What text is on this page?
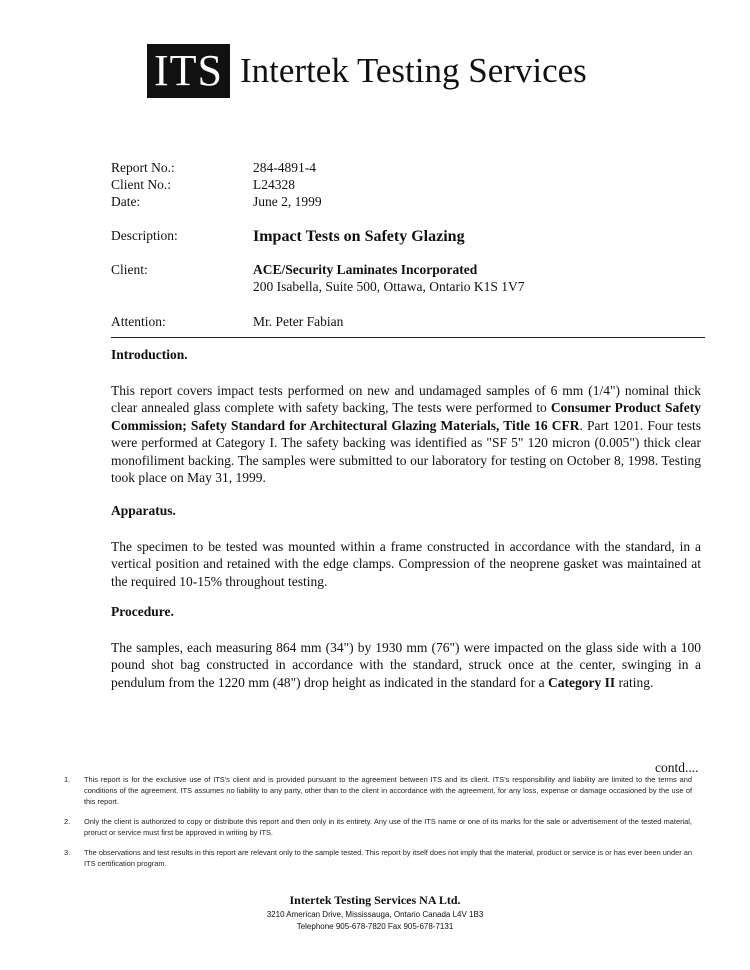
ITS Intertek Testing Services
Report No.:	284-4891-4
Client No.:	L24328
Date:	June 2, 1999
Description:	Impact Tests on Safety Glazing
Client:	ACE/Security Laminates Incorporated
200 Isabella, Suite 500, Ottawa, Ontario K1S 1V7
Attention:	Mr. Peter Fabian
Introduction.

This report covers impact tests performed on new and undamaged samples of 6 mm (1/4") nominal thick clear annealed glass complete with safety backing, The tests were performed to Consumer Product Safety Commission; Safety Standard for Architectural Glazing Materials, Title 16 CFR. Part 1201. Four tests were performed at Category I. The safety backing was identified as "SF 5" 120 micron (0.005") thick clear monofiliment backing. The samples were submitted to our laboratory for testing on October 8, 1998. Testing took place on May 31, 1999.

Apparatus.

The specimen to be tested was mounted within a frame constructed in accordance with the standard, in a vertical position and retained with the edge clamps. Compression of the neoprene gasket was maintained at the required 10-15% throughout testing.

Procedure.

The samples, each measuring 864 mm (34") by 1930 mm (76") were impacted on the glass side with a 100 pound shot bag constructed in accordance with the standard, struck once at the center, swinging in a pendulum from the 1220 mm (48") drop height as indicated in the standard for a Category II rating.

contd....
1.	This report is for the exclusive use of ITS's client and is provided pursuant to the agreement between ITS and its client. ITS's responsibility and liability are limited to the terms and conditions of the agreement. ITS assumes no liability to any party, other than to the client in accordance with the agreement, for any loss, expense or damage occasioned by the use of this report.
2.	Only the client is authorized to copy or distribute this report and then only in its entirety. Any use of the ITS name or one of its marks for the sale or advertisement of the tested material, proruct or service must first be approved in writing by ITS.
3.	The observations and test results in this report are relevant only to the sample tested. This report by itself does not imply that the material, product or service is or has ever been under an ITS certification program.
Intertek Testing Services NA Ltd.
3210 American Drive, Mississauga, Ontario Canada L4V 1B3
Telephone 905-678-7820 Fax 905-678-7131
